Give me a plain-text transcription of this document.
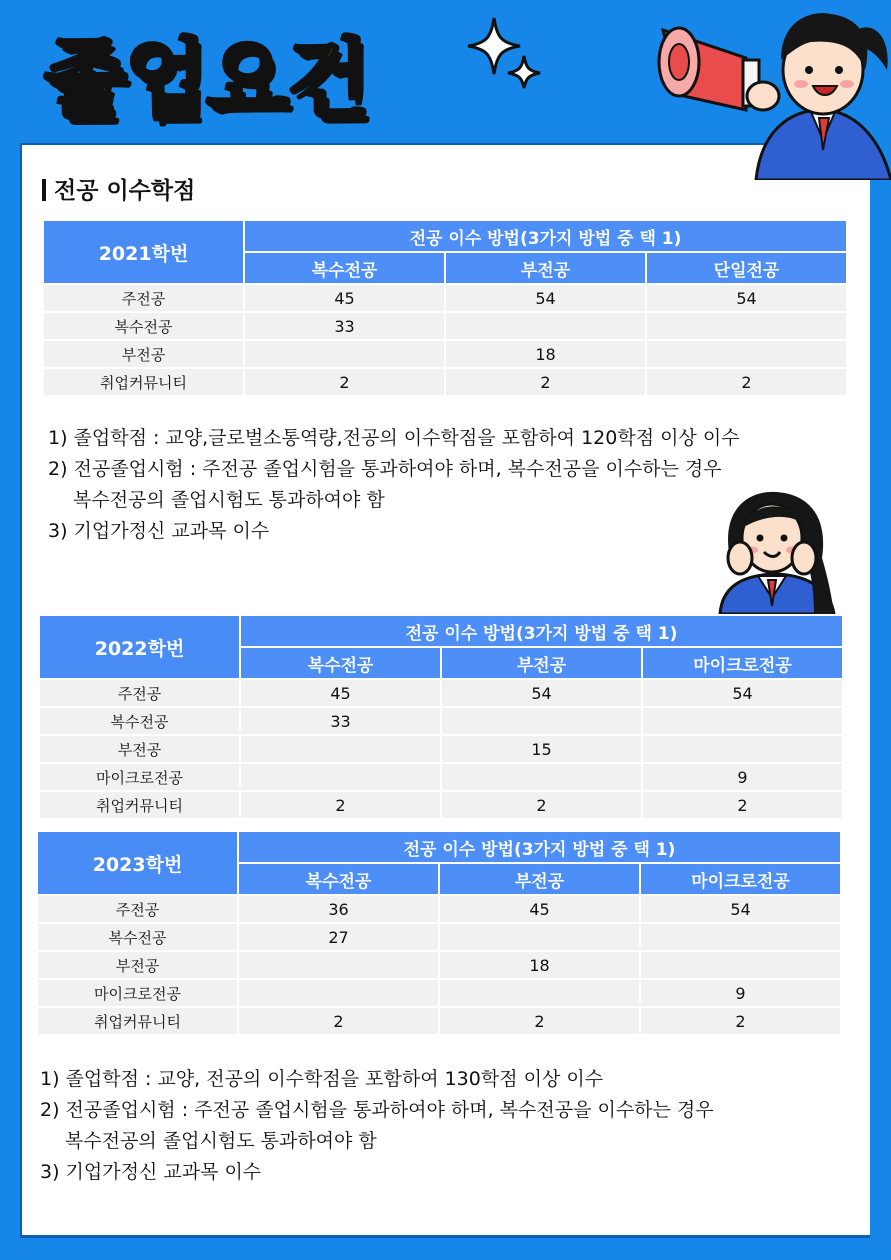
졸업요건
전공 이수학점
2021학번	전공 이수 방법(3가지 방법 중 택 1)		
	복수전공	부전공	단일전공
주전공	45	54	54
복수전공	33		
부전공		18	
취업커뮤니티	2	2	2
1) 졸업학점 : 교양,글로벌소통역량,전공의 이수학점을 포함하여 120학점 이상 이수
2) 전공졸업시험 : 주전공 졸업시험을 통과하여야 하며, 복수전공을 이수하는 경우
복수전공의 졸업시험도 통과하여야 함
3) 기업가정신 교과목 이수
2022학번	전공 이수 방법(3가지 방법 중 택 1)		
	복수전공	부전공	마이크로전공
주전공	45	54	54
복수전공	33		
부전공		15	
마이크로전공			9
취업커뮤니티	2	2	2
2023학번	전공 이수 방법(3가지 방법 중 택 1)		
	복수전공	부전공	마이크로전공
주전공	36	45	54
복수전공	27		
부전공		18	
마이크로전공			9
취업커뮤니티	2	2	2
1) 졸업학점 : 교양, 전공의 이수학점을 포함하여 130학점 이상 이수
2) 전공졸업시험 : 주전공 졸업시험을 통과하여야 하며, 복수전공을 이수하는 경우
복수전공의 졸업시험도 통과하여야 함
3) 기업가정신 교과목 이수
